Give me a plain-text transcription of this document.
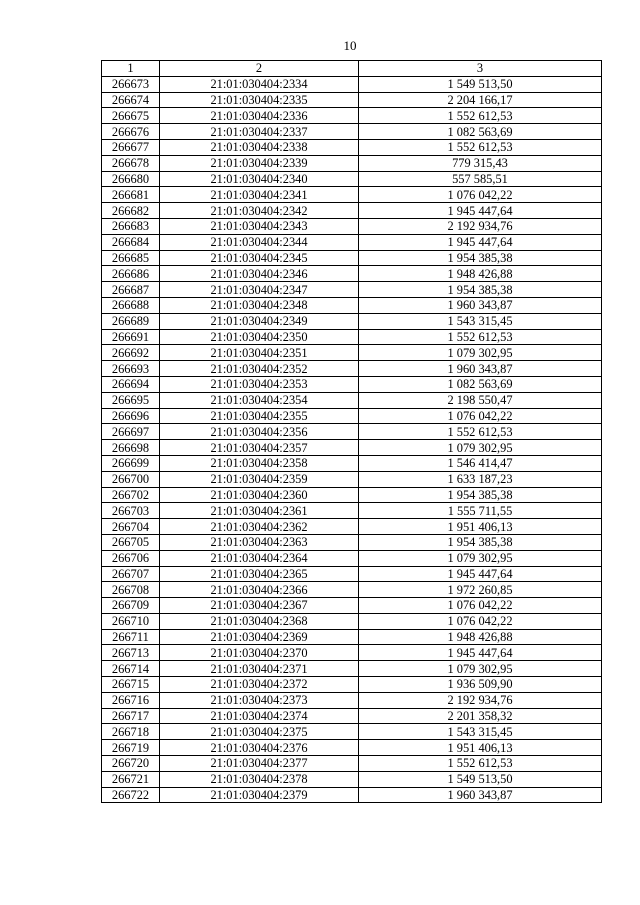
10
1	2	3
266673	21:01:030404:2334	1 549 513,50
266674	21:01:030404:2335	2 204 166,17
266675	21:01:030404:2336	1 552 612,53
266676	21:01:030404:2337	1 082 563,69
266677	21:01:030404:2338	1 552 612,53
266678	21:01:030404:2339	779 315,43
266680	21:01:030404:2340	557 585,51
266681	21:01:030404:2341	1 076 042,22
266682	21:01:030404:2342	1 945 447,64
266683	21:01:030404:2343	2 192 934,76
266684	21:01:030404:2344	1 945 447,64
266685	21:01:030404:2345	1 954 385,38
266686	21:01:030404:2346	1 948 426,88
266687	21:01:030404:2347	1 954 385,38
266688	21:01:030404:2348	1 960 343,87
266689	21:01:030404:2349	1 543 315,45
266691	21:01:030404:2350	1 552 612,53
266692	21:01:030404:2351	1 079 302,95
266693	21:01:030404:2352	1 960 343,87
266694	21:01:030404:2353	1 082 563,69
266695	21:01:030404:2354	2 198 550,47
266696	21:01:030404:2355	1 076 042,22
266697	21:01:030404:2356	1 552 612,53
266698	21:01:030404:2357	1 079 302,95
266699	21:01:030404:2358	1 546 414,47
266700	21:01:030404:2359	1 633 187,23
266702	21:01:030404:2360	1 954 385,38
266703	21:01:030404:2361	1 555 711,55
266704	21:01:030404:2362	1 951 406,13
266705	21:01:030404:2363	1 954 385,38
266706	21:01:030404:2364	1 079 302,95
266707	21:01:030404:2365	1 945 447,64
266708	21:01:030404:2366	1 972 260,85
266709	21:01:030404:2367	1 076 042,22
266710	21:01:030404:2368	1 076 042,22
266711	21:01:030404:2369	1 948 426,88
266713	21:01:030404:2370	1 945 447,64
266714	21:01:030404:2371	1 079 302,95
266715	21:01:030404:2372	1 936 509,90
266716	21:01:030404:2373	2 192 934,76
266717	21:01:030404:2374	2 201 358,32
266718	21:01:030404:2375	1 543 315,45
266719	21:01:030404:2376	1 951 406,13
266720	21:01:030404:2377	1 552 612,53
266721	21:01:030404:2378	1 549 513,50
266722	21:01:030404:2379	1 960 343,87
